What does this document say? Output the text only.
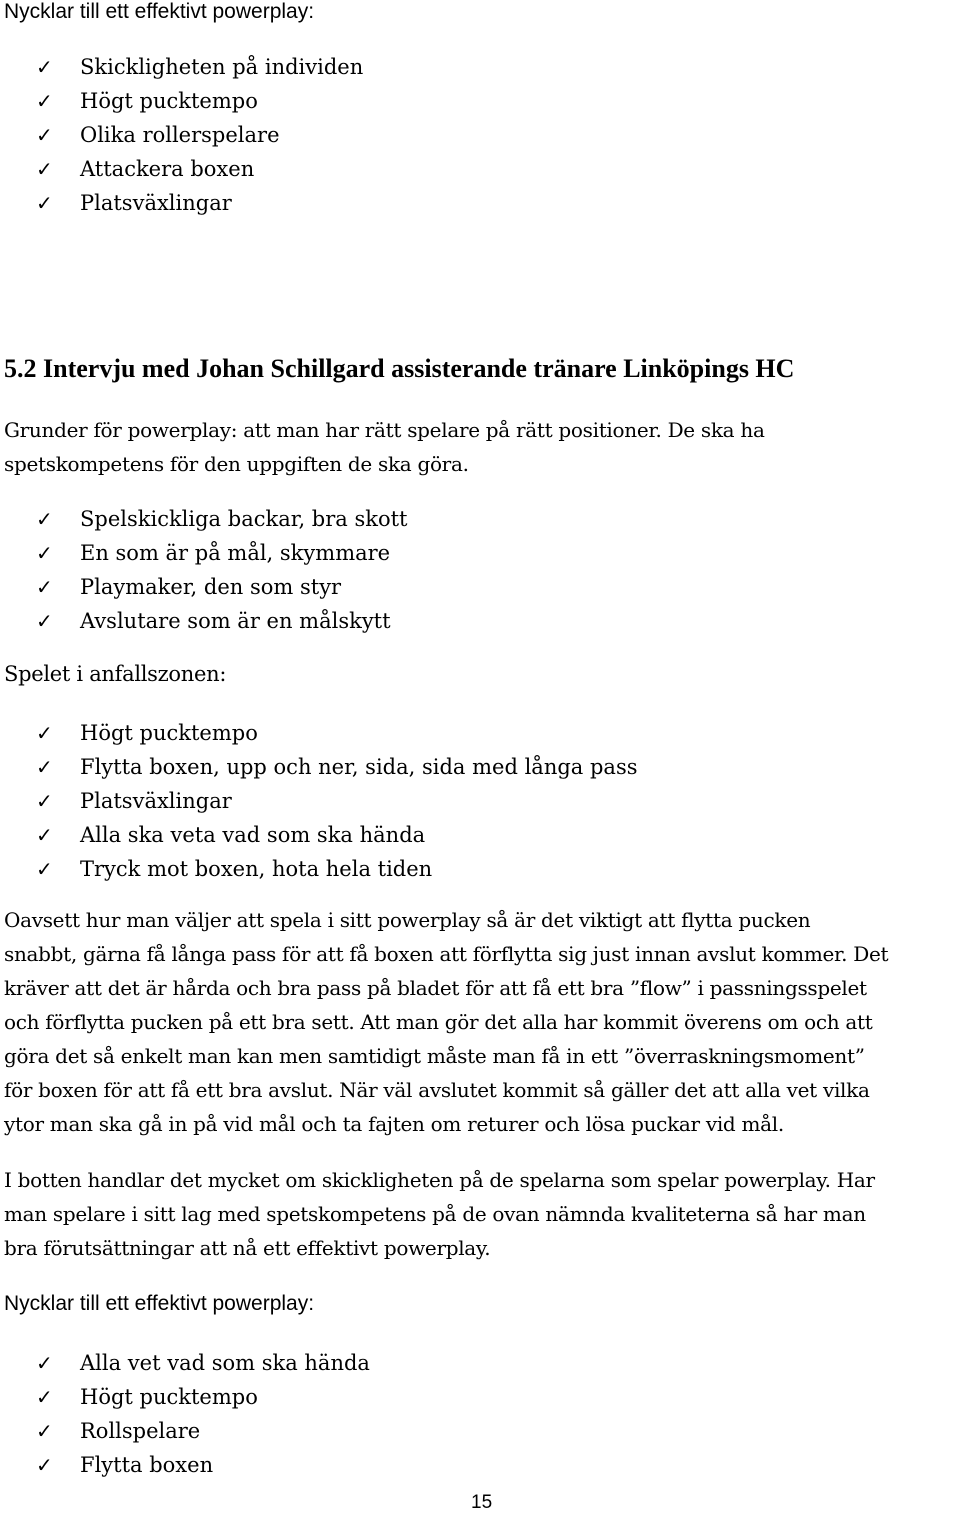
Nycklar till ett effektivt powerplay:
✓ Skickligheten på individen
✓ Högt pucktempo
✓ Olika rollerspelare
✓ Attackera boxen
✓ Platsväxlingar
5.2 Intervju med Johan Schillgard assisterande tränare Linköpings HC
Grunder för powerplay: att man har rätt spelare på rätt positioner. De ska ha
spetskompetens för den uppgiften de ska göra.
✓ Spelskickliga backar, bra skott
✓ En som är på mål, skymmare
✓ Playmaker, den som styr
✓ Avslutare som är en målskytt
Spelet i anfallszonen:
✓ Högt pucktempo
✓ Flytta boxen, upp och ner, sida, sida med långa pass
✓ Platsväxlingar
✓ Alla ska veta vad som ska hända
✓ Tryck mot boxen, hota hela tiden
Oavsett hur man väljer att spela i sitt powerplay så är det viktigt att flytta pucken
snabbt, gärna få långa pass för att få boxen att förflytta sig just innan avslut kommer. Det
kräver att det är hårda och bra pass på bladet för att få ett bra ”flow” i passningsspelet
och förflytta pucken på ett bra sett. Att man gör det alla har kommit överens om och att
göra det så enkelt man kan men samtidigt måste man få in ett ”överraskningsmoment”
för boxen för att få ett bra avslut. När väl avslutet kommit så gäller det att alla vet vilka
ytor man ska gå in på vid mål och ta fajten om returer och lösa puckar vid mål.
I botten handlar det mycket om skickligheten på de spelarna som spelar powerplay. Har
man spelare i sitt lag med spetskompetens på de ovan nämnda kvaliteterna så har man
bra förutsättningar att nå ett effektivt powerplay.
Nycklar till ett effektivt powerplay:
✓ Alla vet vad som ska hända
✓ Högt pucktempo
✓ Rollspelare
✓ Flytta boxen
15
